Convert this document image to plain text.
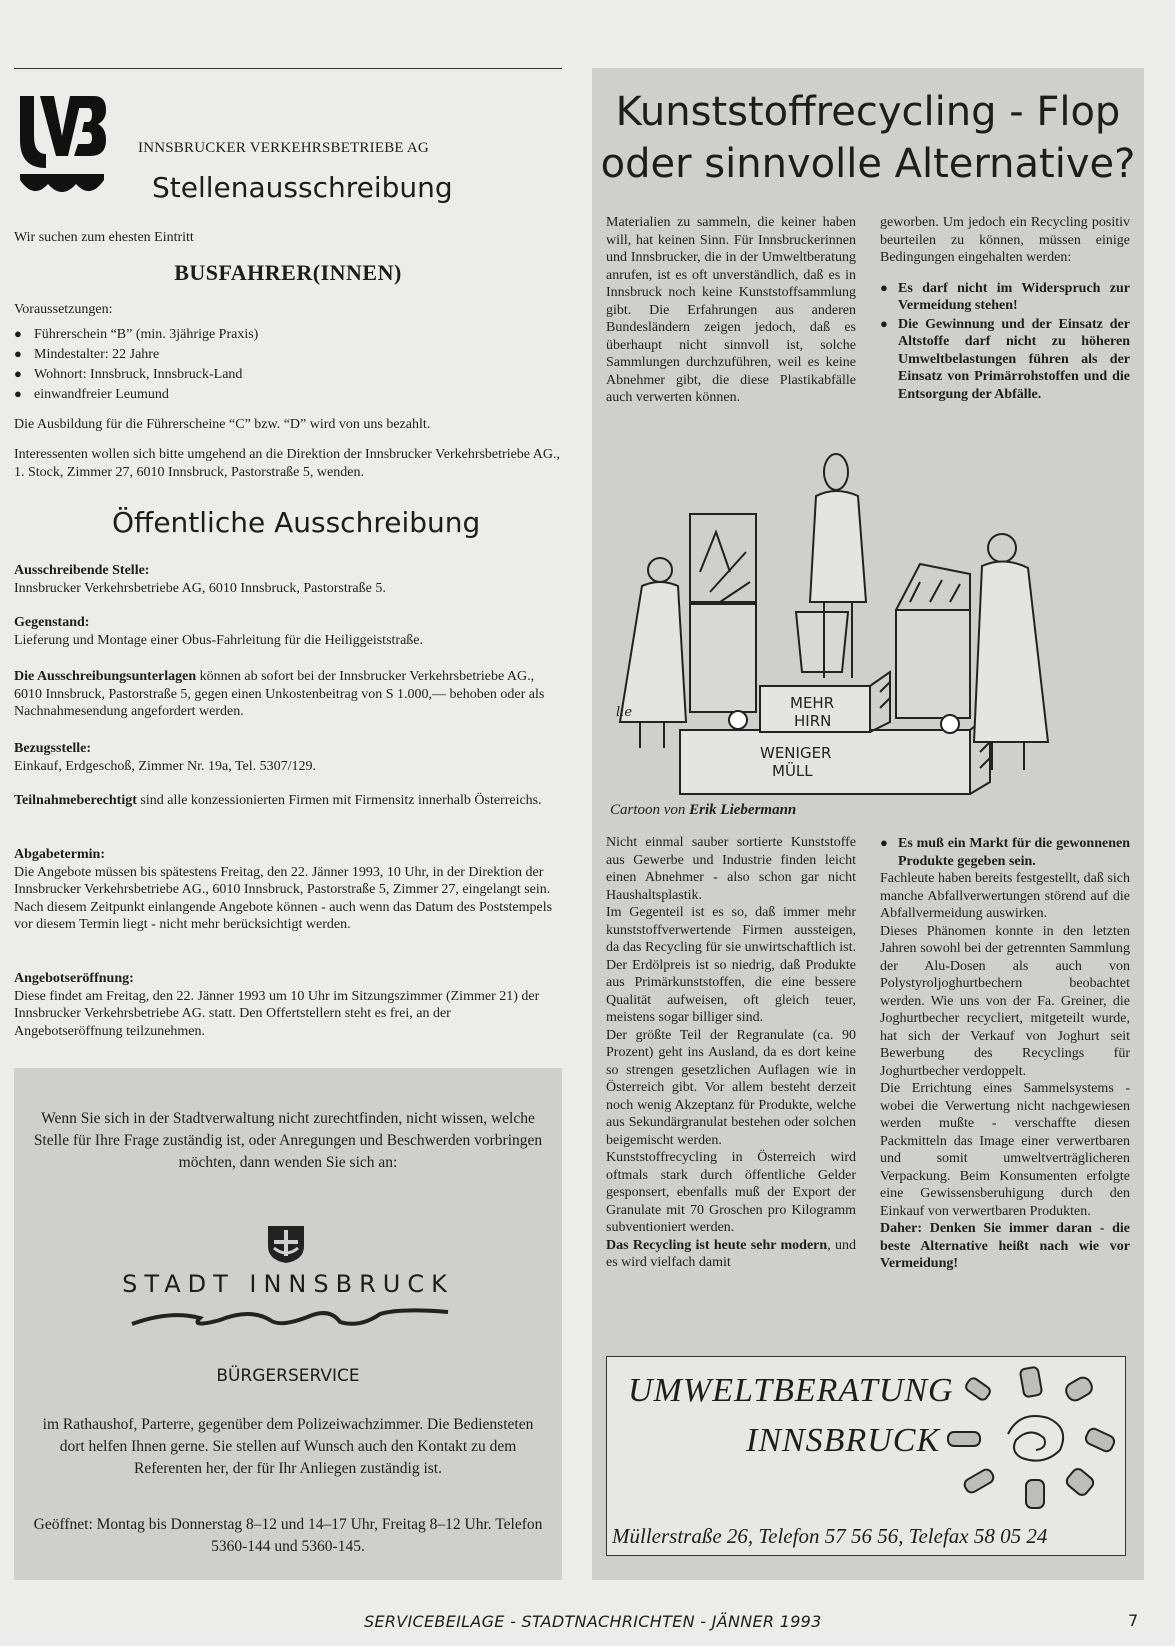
INNSBRUCKER VERKEHRSBETRIEBE AG
Stellenausschreibung
Wir suchen zum ehesten Eintritt
BUSFAHRER(INNEN)
Voraussetzungen:
● Führerschein “B” (min. 3jährige Praxis)
● Mindestalter: 22 Jahre
● Wohnort: Innsbruck, Innsbruck-Land
● einwandfreier Leumund
Die Ausbildung für die Führerscheine “C” bzw. “D” wird von uns bezahlt.
Interessenten wollen sich bitte umgehend an die Direktion der Innsbrucker Verkehrsbetriebe AG., 1. Stock, Zimmer 27, 6010 Innsbruck, Pastorstraße 5, wenden.
Öffentliche Ausschreibung
Ausschreibende Stelle:
Innsbrucker Verkehrsbetriebe AG, 6010 Innsbruck, Pastorstraße 5.
Gegenstand:
Lieferung und Montage einer Obus-Fahrleitung für die Heiliggeiststraße.
Die Ausschreibungsunterlagen können ab sofort bei der Innsbrucker Verkehrsbetriebe AG., 6010 Innsbruck, Pastorstraße 5, gegen einen Unkostenbeitrag von S 1.000,— behoben oder als Nachnahmesendung angefordert werden.
Bezugsstelle:
Einkauf, Erdgeschoß, Zimmer Nr. 19a, Tel. 5307/129.
Teilnahmeberechtigt sind alle konzessionierten Firmen mit Firmensitz innerhalb Österreichs.
Abgabetermin:
Die Angebote müssen bis spätestens Freitag, den 22. Jänner 1993, 10 Uhr, in der Direktion der Innsbrucker Verkehrsbetriebe AG., 6010 Innsbruck, Pastorstraße 5, Zimmer 27, eingelangt sein. Nach diesem Zeitpunkt einlangende Angebote können - auch wenn das Datum des Poststempels vor diesem Termin liegt - nicht mehr berücksichtigt werden.
Angebotseröffnung:
Diese findet am Freitag, den 22. Jänner 1993 um 10 Uhr im Sitzungszimmer (Zimmer 21) der Innsbrucker Verkehrsbetriebe AG. statt. Den Offertstellern steht es frei, an der Angebotseröffnung teilzunehmen.
Wenn Sie sich in der Stadtverwaltung nicht zurechtfinden, nicht wissen, welche Stelle für Ihre Frage zuständig ist, oder Anregungen und Beschwerden vorbringen möchten, dann wenden Sie sich an:
STADT INNSBRUCK
BÜRGERSERVICE
im Rathaushof, Parterre, gegenüber dem Polizeiwachzimmer. Die Bediensteten dort helfen Ihnen gerne. Sie stellen auf Wunsch auch den Kontakt zu dem Referenten her, der für Ihr Anliegen zuständig ist.
Geöffnet: Montag bis Donnerstag 8–12 und 14–17 Uhr, Freitag 8–12 Uhr. Telefon 5360-144 und 5360-145.
Kunststoffrecycling - Flop
oder sinnvolle Alternative?
Materialien zu sammeln, die keiner haben will, hat keinen Sinn. Für Innsbruckerinnen und Innsbrucker, die in der Umweltberatung anrufen, ist es oft unverständlich, daß es in Innsbruck noch keine Kunststoffsammlung gibt. Die Erfahrungen aus anderen Bundesländern zeigen jedoch, daß es überhaupt nicht sinnvoll ist, solche Sammlungen durchzuführen, weil es keine Abnehmer gibt, die diese Plastikabfälle auch verwerten können.
geworben. Um jedoch ein Recycling positiv beurteilen zu können, müssen einige Bedingungen eingehalten werden:
● Es darf nicht im Widerspruch zur Vermeidung stehen!
● Die Gewinnung und der Einsatz der Altstoffe darf nicht zu höheren Umweltbelastungen führen als der Einsatz von Primärrohstoffen und die Entsorgung der Abfälle.
MEHR
HIRN
WENIGER
MÜLL
lie
Cartoon von Erik Liebermann
Nicht einmal sauber sortierte Kunststoffe aus Gewerbe und Industrie finden leicht einen Abnehmer - also schon gar nicht Haushaltsplastik.
Im Gegenteil ist es so, daß immer mehr kunststoffverwertende Firmen aussteigen, da das Recycling für sie unwirtschaftlich ist. Der Erdölpreis ist so niedrig, daß Produkte aus Primärkunststoffen, die eine bessere Qualität aufweisen, oft gleich teuer, meistens sogar billiger sind.
Der größte Teil der Regranulate (ca. 90 Prozent) geht ins Ausland, da es dort keine so strengen gesetzlichen Auflagen wie in Österreich gibt. Vor allem besteht derzeit noch wenig Akzeptanz für Produkte, welche aus Sekundärgranulat bestehen oder solchen beigemischt werden.
Kunststoffrecycling in Österreich wird oftmals stark durch öffentliche Gelder gesponsert, ebenfalls muß der Export der Granulate mit 70 Groschen pro Kilogramm subventioniert werden.
Das Recycling ist heute sehr modern, und es wird vielfach damit
● Es muß ein Markt für die gewonnenen Produkte gegeben sein.
Fachleute haben bereits festgestellt, daß sich manche Abfallverwertungen störend auf die Abfallvermeidung auswirken.
Dieses Phänomen konnte in den letzten Jahren sowohl bei der getrennten Sammlung der Alu-Dosen als auch von Polystyroljoghurtbechern beobachtet werden. Wie uns von der Fa. Greiner, die Joghurtbecher recycliert, mitgeteilt wurde, hat sich der Verkauf von Joghurt seit Bewerbung des Recyclings für Joghurtbecher verdoppelt.
Die Errichtung eines Sammelsystems - wobei die Verwertung nicht nachgewiesen werden mußte - verschaffte diesen Packmitteln das Image einer verwertbaren und somit umweltverträglicheren Verpackung. Beim Konsumenten erfolgte eine Gewissensberuhigung durch den Einkauf von verwertbaren Produkten.
Daher: Denken Sie immer daran - die beste Alternative heißt nach wie vor Vermeidung!
UMWELTBERATUNG
INNSBRUCK
Müllerstraße 26, Telefon 57 56 56, Telefax 58 05 24
SERVICEBEILAGE - STADTNACHRICHTEN - JÄNNER 1993	7
